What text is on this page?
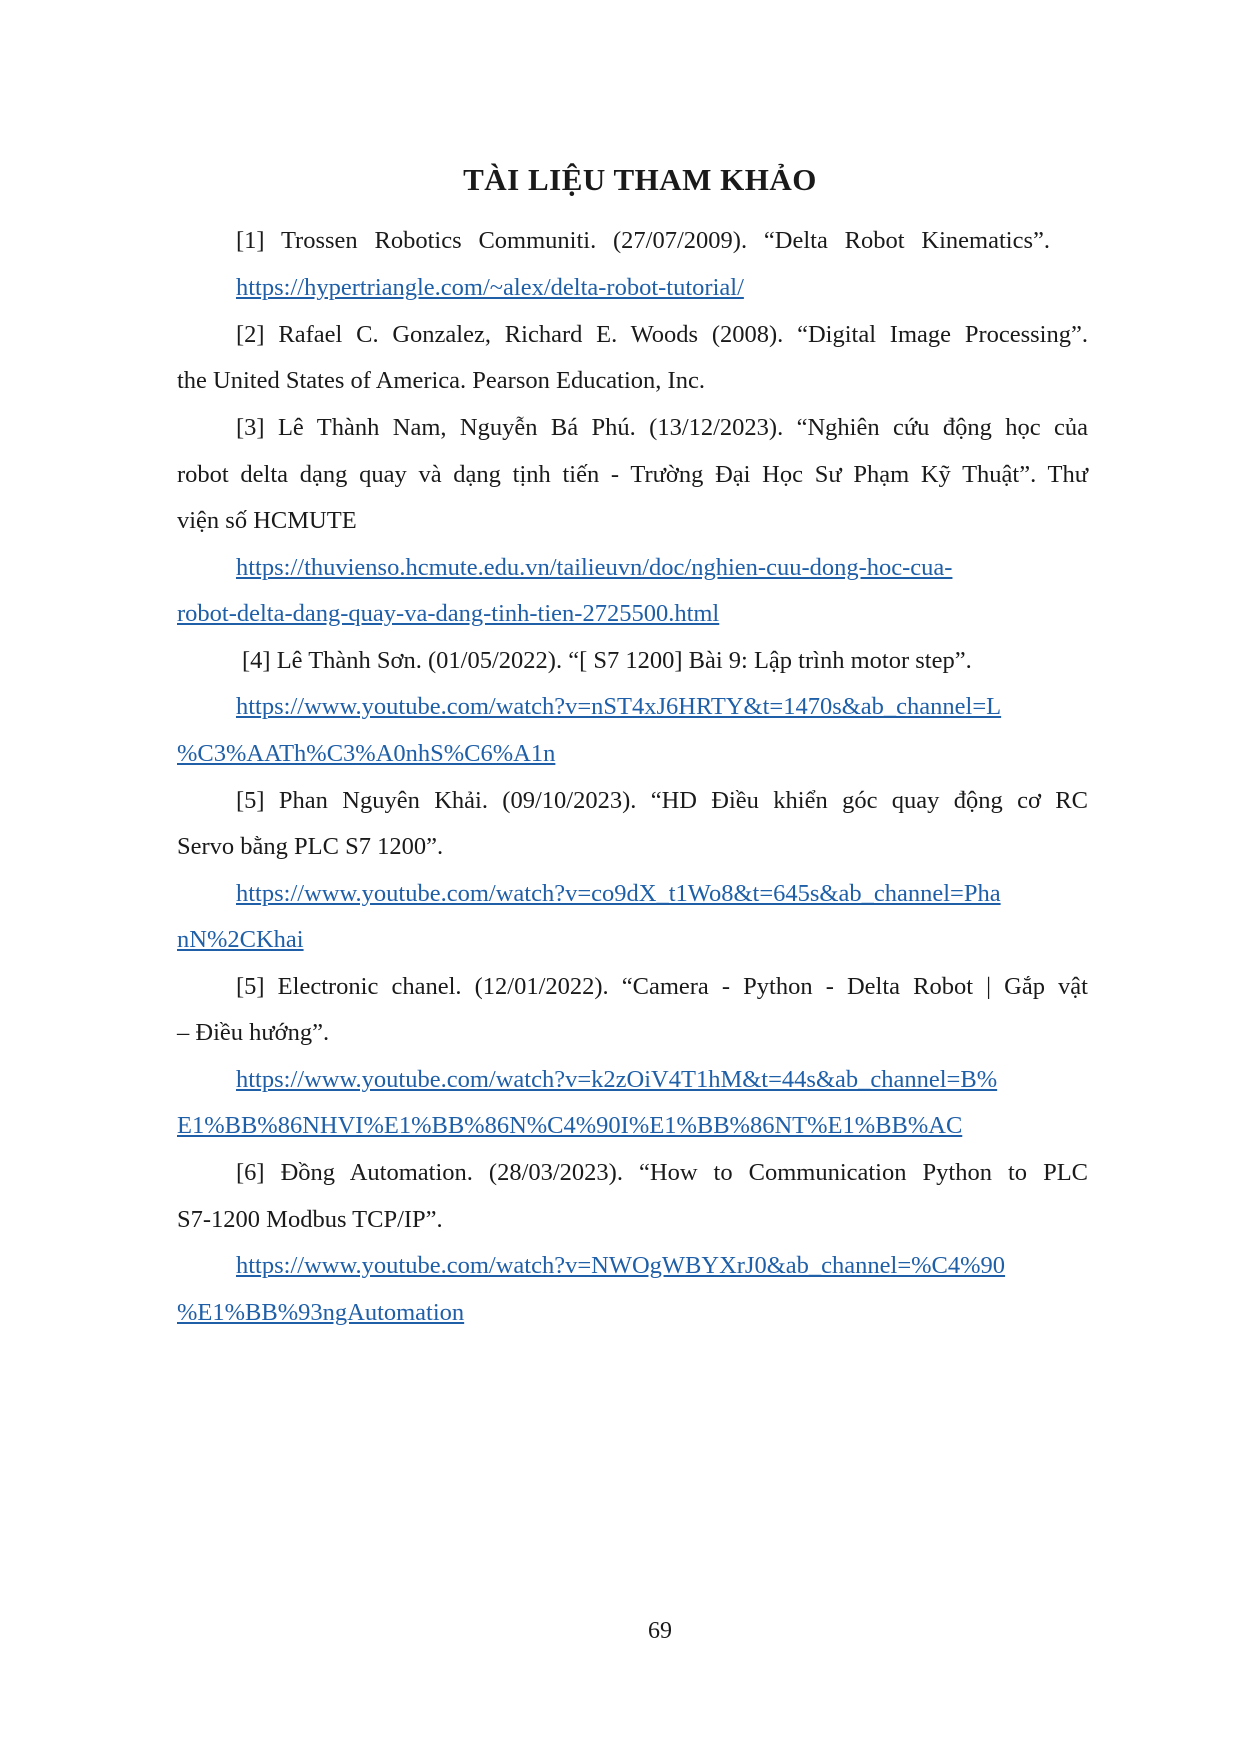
TÀI LIỆU THAM KHẢO
[1] Trossen Robotics Communiti. (27/07/2009). “Delta Robot Kinematics”.
https://hypertriangle.com/~alex/delta-robot-tutorial/
[2] Rafael C. Gonzalez, Richard E. Woods (2008). “Digital Image Processing”.
the United States of America. Pearson Education, Inc.
[3] Lê Thành Nam, Nguyễn Bá Phú. (13/12/2023). “Nghiên cứu động học của
robot delta dạng quay và dạng tịnh tiến - Trường Đại Học Sư Phạm Kỹ Thuật”. Thư
viện số HCMUTE
https://thuvienso.hcmute.edu.vn/tailieuvn/doc/nghien-cuu-dong-hoc-cua-
robot-delta-dang-quay-va-dang-tinh-tien-2725500.html
[4] Lê Thành Sơn. (01/05/2022). “[ S7 1200] Bài 9: Lập trình motor step”.
https://www.youtube.com/watch?v=nST4xJ6HRTY&t=1470s&ab_channel=L
%C3%AATh%C3%A0nhS%C6%A1n
[5] Phan Nguyên Khải. (09/10/2023). “HD Điều khiển góc quay động cơ RC
Servo bằng PLC S7 1200”.
https://www.youtube.com/watch?v=co9dX_t1Wo8&t=645s&ab_channel=Pha
nN%2CKhai
[5] Electronic chanel. (12/01/2022). “Camera - Python - Delta Robot | Gắp vật
– Điều hướng”.
https://www.youtube.com/watch?v=k2zOiV4T1hM&t=44s&ab_channel=B%
E1%BB%86NHVI%E1%BB%86N%C4%90I%E1%BB%86NT%E1%BB%AC
[6] Đồng Automation. (28/03/2023). “How to Communication Python to PLC
S7-1200 Modbus TCP/IP”.
https://www.youtube.com/watch?v=NWOgWBYXrJ0&ab_channel=%C4%90
%E1%BB%93ngAutomation
69
